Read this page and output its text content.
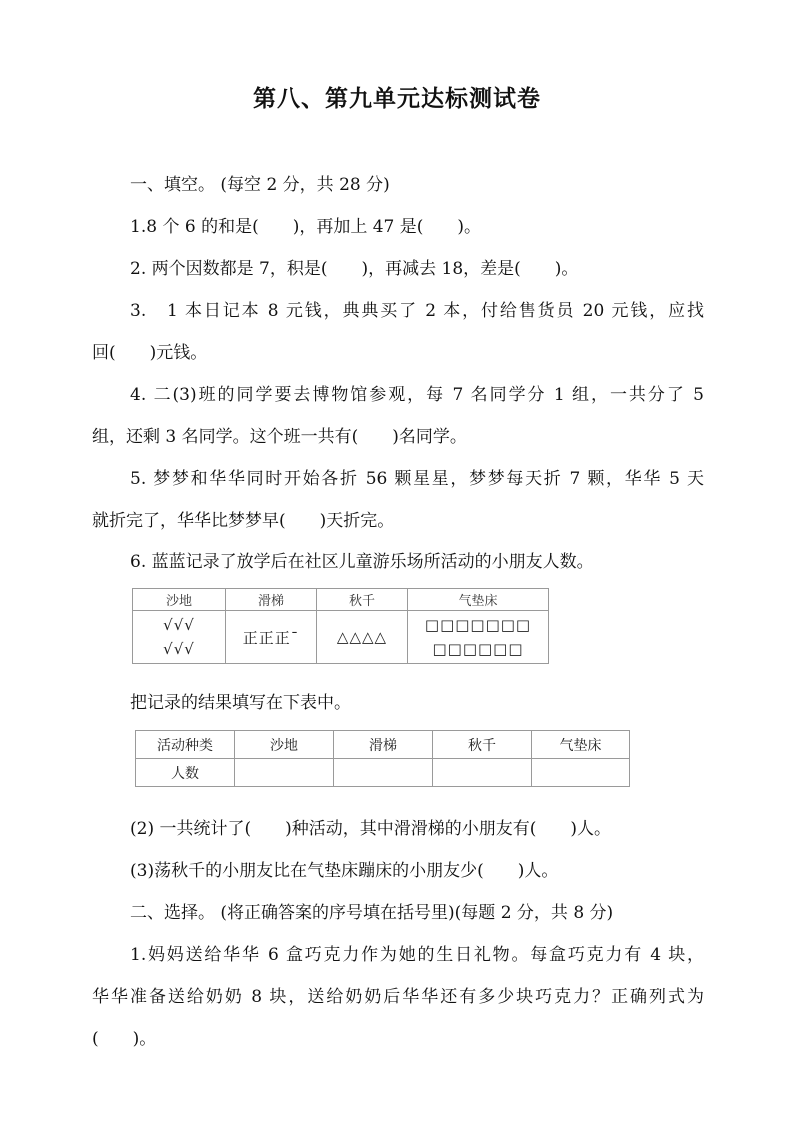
第八、第九单元达标测试卷
一、填空。 (每空 2 分，共 28 分)
1.8 个 6 的和是(　　)，再加上 47 是(　　)。
2. 两个因数都是 7，积是(　　)，再减去 18，差是(　　)。
3.　1 本日记本 8 元钱，典典买了 2 本，付给售货员 20 元钱，应找
回(　　)元钱。
4. 二(3)班的同学要去博物馆参观，每 7 名同学分 1 组，一共分了 5
组，还剩 3 名同学。这个班一共有(　　)名同学。
5. 梦梦和华华同时开始各折 56 颗星星，梦梦每天折 7 颗，华华 5 天
就折完了，华华比梦梦早(　　)天折完。
6. 蓝蓝记录了放学后在社区儿童游乐场所活动的小朋友人数。
沙地	滑梯	秋千	气垫床
√√√
√√√	正正正ˉ	△△△△	□□□□□□□
□□□□□□
把记录的结果填写在下表中。
活动种类	沙地	滑梯	秋千	气垫床
人数				
(2) 一共统计了(　　)种活动，其中滑滑梯的小朋友有(　　)人。
(3)荡秋千的小朋友比在气垫床蹦床的小朋友少(　　)人。
二、选择。 (将正确答案的序号填在括号里)(每题 2 分，共 8 分)
1.妈妈送给华华 6 盒巧克力作为她的生日礼物。每盒巧克力有 4 块，
华华准备送给奶奶 8 块，送给奶奶后华华还有多少块巧克力？正确列式为
(　　)。
